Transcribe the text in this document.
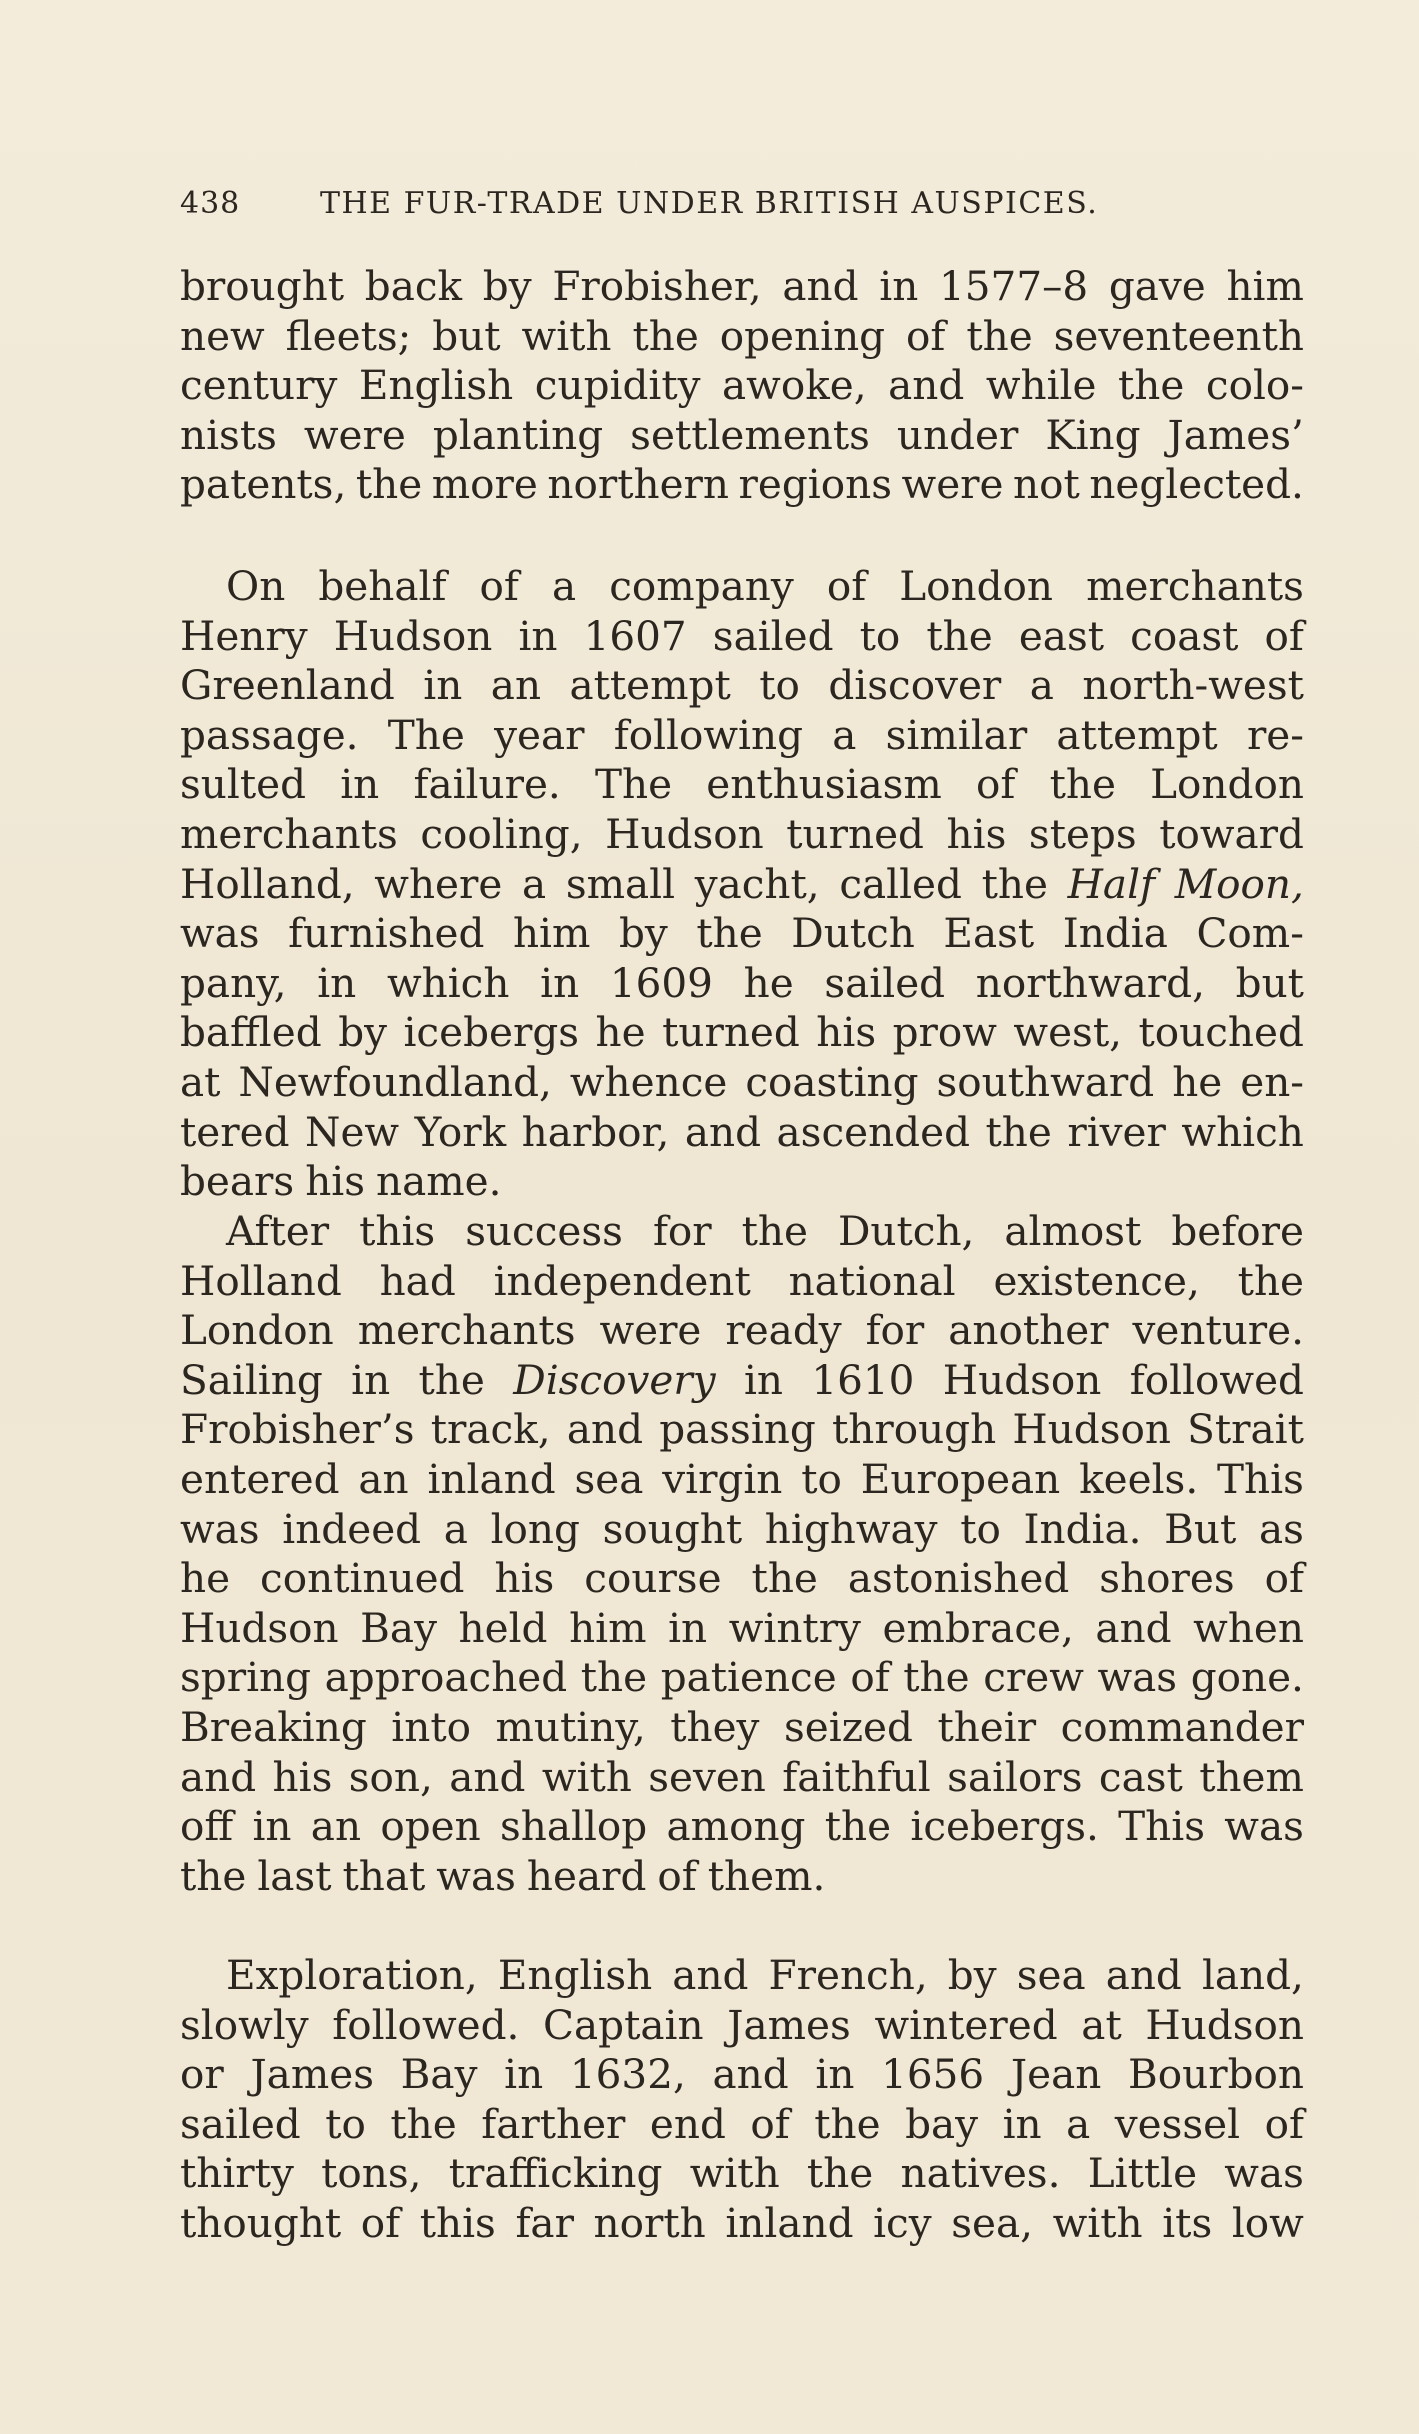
438	THE FUR-TRADE UNDER BRITISH AUSPICES.
brought back by Frobisher, and in 1577–8 gave him
new fleets; but with the opening of the seventeenth
century English cupidity awoke, and while the colo-
nists were planting settlements under King James’
patents, the more northern regions were not neglected.
On behalf of a company of London merchants
Henry Hudson in 1607 sailed to the east coast of
Greenland in an attempt to discover a north-west
passage. The year following a similar attempt re-
sulted in failure. The enthusiasm of the London
merchants cooling, Hudson turned his steps toward
Holland, where a small yacht, called the Half Moon,
was furnished him by the Dutch East India Com-
pany, in which in 1609 he sailed northward, but
baffled by icebergs he turned his prow west, touched
at Newfoundland, whence coasting southward he en-
tered New York harbor, and ascended the river which
bears his name.
After this success for the Dutch, almost before
Holland had independent national existence, the
London merchants were ready for another venture.
Sailing in the Discovery in 1610 Hudson followed
Frobisher’s track, and passing through Hudson Strait
entered an inland sea virgin to European keels. This
was indeed a long sought highway to India. But as
he continued his course the astonished shores of
Hudson Bay held him in wintry embrace, and when
spring approached the patience of the crew was gone.
Breaking into mutiny, they seized their commander
and his son, and with seven faithful sailors cast them
off in an open shallop among the icebergs. This was
the last that was heard of them.
Exploration, English and French, by sea and land,
slowly followed. Captain James wintered at Hudson
or James Bay in 1632, and in 1656 Jean Bourbon
sailed to the farther end of the bay in a vessel of
thirty tons, trafficking with the natives. Little was
thought of this far north inland icy sea, with its low
